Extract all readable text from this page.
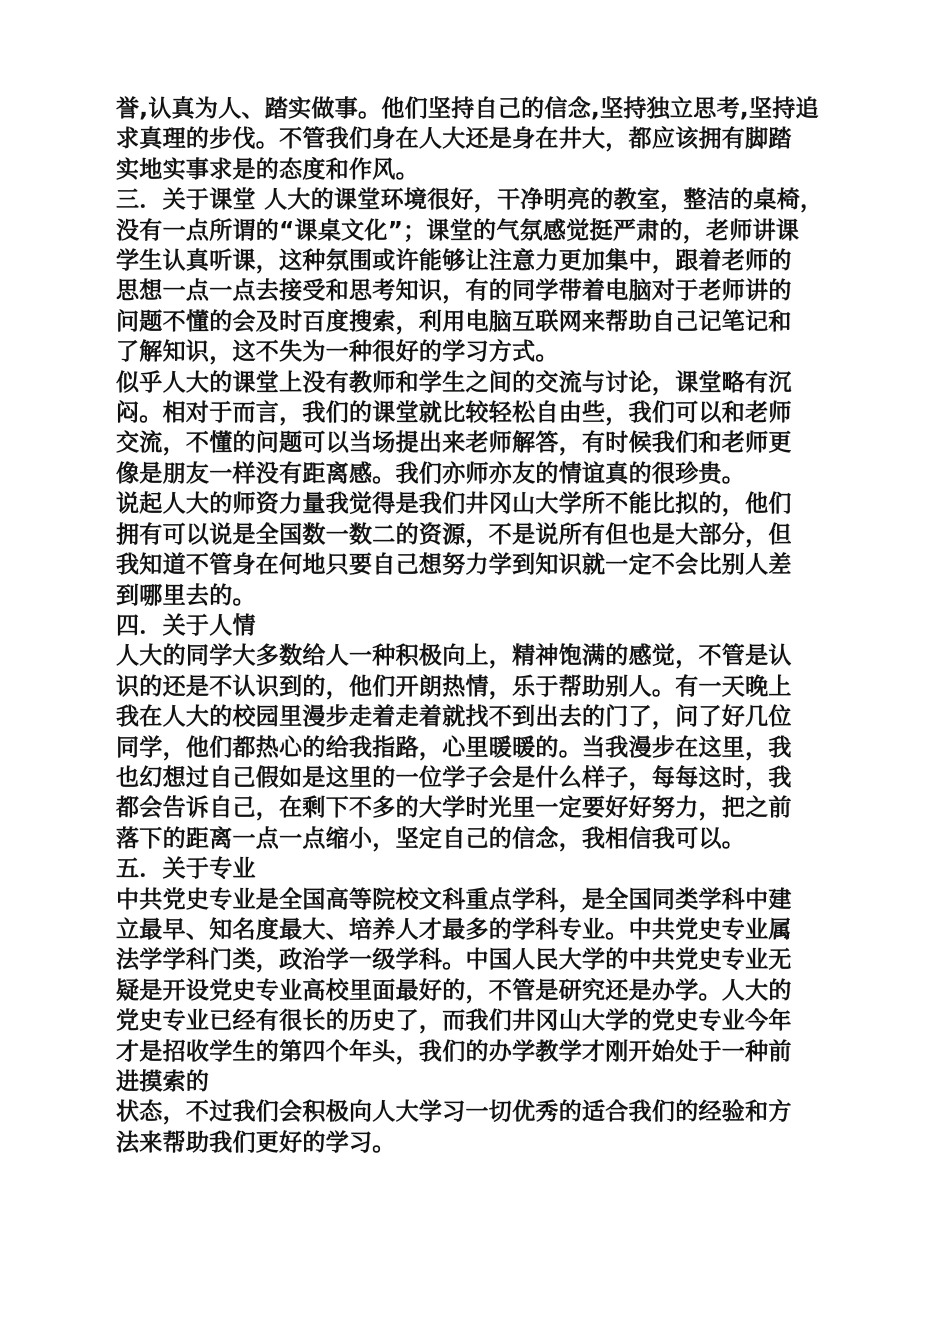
誉,认真为人、踏实做事。他们坚持自己的信念,坚持独立思考,坚持追
求真理的步伐。不管我们身在人大还是身在井大，都应该拥有脚踏
实地实事求是的态度和作风。
三．关于课堂 人大的课堂环境很好，干净明亮的教室，整洁的桌椅，
没有一点所谓的“课桌文化”；课堂的气氛感觉挺严肃的，老师讲课
学生认真听课，这种氛围或许能够让注意力更加集中，跟着老师的
思想一点一点去接受和思考知识，有的同学带着电脑对于老师讲的
问题不懂的会及时百度搜索，利用电脑互联网来帮助自己记笔记和
了解知识，这不失为一种很好的学习方式。
似乎人大的课堂上没有教师和学生之间的交流与讨论，课堂略有沉
闷。相对于而言，我们的课堂就比较轻松自由些，我们可以和老师
交流，不懂的问题可以当场提出来老师解答，有时候我们和老师更
像是朋友一样没有距离感。我们亦师亦友的情谊真的很珍贵。
说起人大的师资力量我觉得是我们井冈山大学所不能比拟的，他们
拥有可以说是全国数一数二的资源，不是说所有但也是大部分，但
我知道不管身在何地只要自己想努力学到知识就一定不会比别人差
到哪里去的。
四．关于人情
人大的同学大多数给人一种积极向上，精神饱满的感觉，不管是认
识的还是不认识到的，他们开朗热情，乐于帮助别人。有一天晚上
我在人大的校园里漫步走着走着就找不到出去的门了，问了好几位
同学，他们都热心的给我指路，心里暖暖的。当我漫步在这里，我
也幻想过自己假如是这里的一位学子会是什么样子，每每这时，我
都会告诉自己，在剩下不多的大学时光里一定要好好努力，把之前
落下的距离一点一点缩小，坚定自己的信念，我相信我可以。
五．关于专业
中共党史专业是全国高等院校文科重点学科，是全国同类学科中建
立最早、知名度最大、培养人才最多的学科专业。中共党史专业属
法学学科门类，政治学一级学科。中国人民大学的中共党史专业无
疑是开设党史专业高校里面最好的，不管是研究还是办学。人大的
党史专业已经有很长的历史了，而我们井冈山大学的党史专业今年
才是招收学生的第四个年头，我们的办学教学才刚开始处于一种前
进摸索的
状态，不过我们会积极向人大学习一切优秀的适合我们的经验和方
法来帮助我们更好的学习。
